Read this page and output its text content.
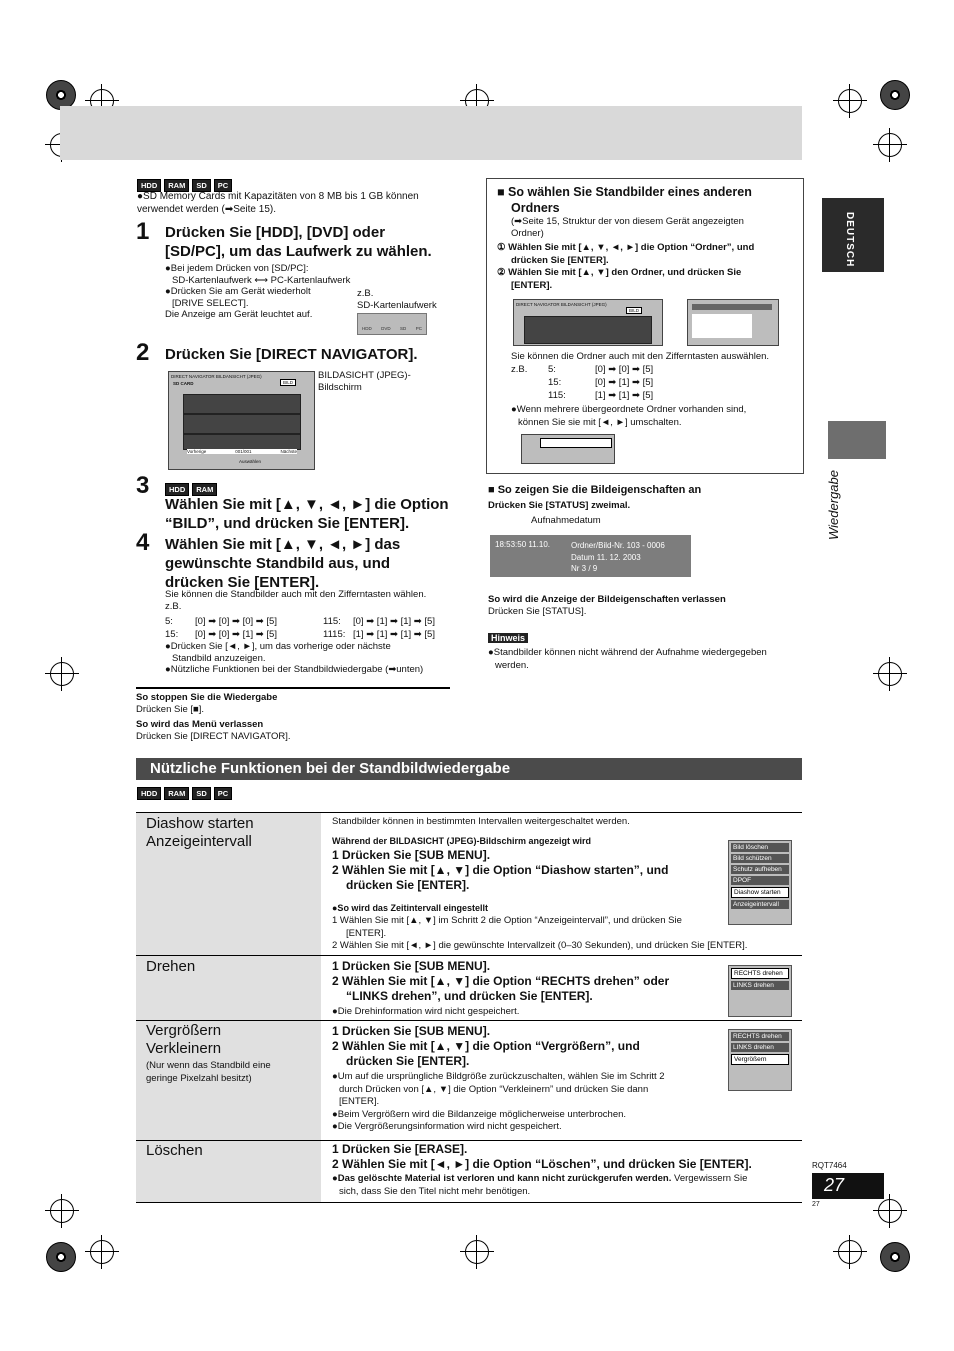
DEUTSCH
Wiedergabe
HDD	RAM	SD	PC
●SD Memory Cards mit Kapazitäten von 8 MB bis 1 GB können verwendet werden (➡Seite 15).
1 Drücken Sie [HDD], [DVD] oder
[SD/PC], um das Laufwerk zu wählen.
●Bei jedem Drücken von [SD/PC]:
SD-Kartenlaufwerk ⟷ PC-Kartenlaufwerk
●Drücken Sie am Gerät wiederholt
[DRIVE SELECT].
Die Anzeige am Gerät leuchtet auf.
z.B.
SD-Kartenlaufwerk
HDD DVD SD PC
2 Drücken Sie [DIRECT NAVIGATOR].
DIRECT NAVIGATOR BILDANSICHT (JPEG)
SD CARD	BILD
Vorherige	001/001	Nächste
Auswählen
BILDASICHT (JPEG)-
Bildschirm
3	HDD	RAM
Wählen Sie mit [▲, ▼, ◄, ►] die Option
“BILD”, und drücken Sie [ENTER].
4 Wählen Sie mit [▲, ▼, ◄, ►] das
gewünschte Standbild aus, und
drücken Sie [ENTER].
Sie können die Standbilder auch mit den Zifferntasten wählen.
z.B.
5:	[0] ➡ [0] ➡ [0] ➡ [5]	115:	[0] ➡ [1] ➡ [1] ➡ [5]
15:	[0] ➡ [0] ➡ [1] ➡ [5]	1115: [1] ➡ [1] ➡ [1] ➡ [5]
●Drücken Sie [◄, ►], um das vorherige oder nächste
Standbild anzuzeigen.
●Nützliche Funktionen bei der Standbildwiedergabe (➡unten)
So stoppen Sie die Wiedergabe
Drücken Sie [■].
So wird das Menü verlassen
Drücken Sie [DIRECT NAVIGATOR].
■ So wählen Sie Standbilder eines anderen
Ordners
(➡Seite 15, Struktur der von diesem Gerät angezeigten
Ordner)
① Wählen Sie mit [▲, ▼, ◄, ►] die Option “Ordner”, und
drücken Sie [ENTER].
② Wählen Sie mit [▲, ▼] den Ordner, und drücken Sie
[ENTER].
DIRECT NAVIGATOR BILDANSICHT (JPEG)
BILD
Sie können die Ordner auch mit den Zifferntasten auswählen.
z.B.	5:	[0] ➡ [0] ➡ [5]
15:	[0] ➡ [1] ➡ [5]
115:	[1] ➡ [1] ➡ [5]
●Wenn mehrere übergeordnete Ordner vorhanden sind,
können Sie sie mit [◄, ►] umschalten.
■ So zeigen Sie die Bildeigenschaften an
Drücken Sie [STATUS] zweimal.
Aufnahmedatum
18:53:50 11.10.	Ordner/Bild-Nr. 103 - 0006
Datum 11. 12. 2003
Nr 3 / 9
So wird die Anzeige der Bildeigenschaften verlassen
Drücken Sie [STATUS].
Hinweis
●Standbilder können nicht während der Aufnahme wiedergegeben
werden.
Nützliche Funktionen bei der Standbildwiedergabe
HDD	RAM	SD	PC
Diashow starten
Anzeigeintervall
Standbilder können in bestimmten Intervallen weitergeschaltet werden.
Während der BILDASICHT (JPEG)-Bildschirm angezeigt wird
1 Drücken Sie [SUB MENU].
2 Wählen Sie mit [▲, ▼] die Option “Diashow starten”, und
drücken Sie [ENTER].
●So wird das Zeitintervall eingestellt
1 Wählen Sie mit [▲, ▼] im Schritt 2 die Option “Anzeigeintervall”, und drücken Sie
[ENTER].
2 Wählen Sie mit [◄, ►] die gewünschte Intervallzeit (0–30 Sekunden), und drücken Sie [ENTER].
Bild löschen
Bild schützen
Schutz aufheben
DPOF
Diashow starten
Anzeigeintervall
Drehen	1 Drücken Sie [SUB MENU].
2 Wählen Sie mit [▲, ▼] die Option “RECHTS drehen” oder
“LINKS drehen”, und drücken Sie [ENTER].
●Die Drehinformation wird nicht gespeichert.
RECHTS drehen
LINKS drehen
Vergrößern
Verkleinern
(Nur wenn das Standbild eine
geringe Pixelzahl besitzt)
1 Drücken Sie [SUB MENU].
2 Wählen Sie mit [▲, ▼] die Option “Vergrößern”, und
drücken Sie [ENTER].
●Um auf die ursprüngliche Bildgröße zurückzuschalten, wählen Sie im Schritt 2
durch Drücken von [▲, ▼] die Option “Verkleinern” und drücken Sie dann
[ENTER].
●Beim Vergrößern wird die Bildanzeige möglicherweise unterbrochen.
●Die Vergrößerungsinformation wird nicht gespeichert.
RECHTS drehen
LINKS drehen
Vergrößern
Löschen	1 Drücken Sie [ERASE].
2 Wählen Sie mit [◄, ►] die Option “Löschen”, und drücken Sie [ENTER].
●Das gelöschte Material ist verloren und kann nicht zurückgerufen werden. Vergewissern Sie
sich, dass Sie den Titel nicht mehr benötigen.
RQT7464
27
27
